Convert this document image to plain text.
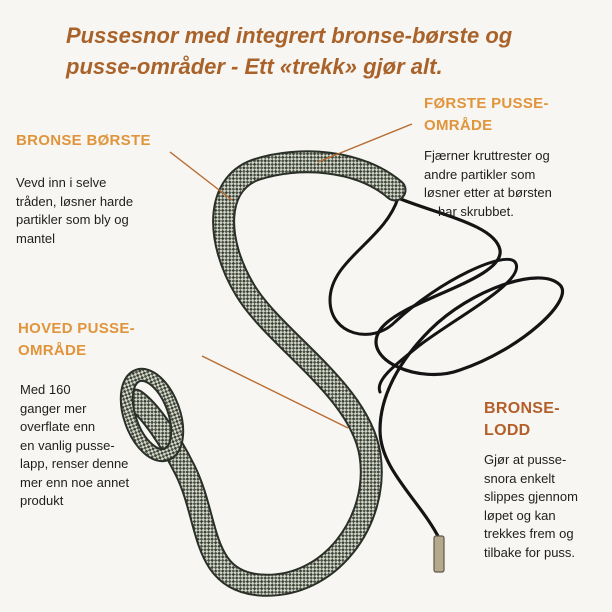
Pussesnor med integrert bronse-børste og
pusse-områder - Ett «trekk» gjør alt.
BRONSE BØRSTE
Vevd inn i selve
tråden, løsner harde
partikler som bly og
mantel
FØRSTE PUSSE-
OMRÅDE
Fjærner kruttrester og
andre partikler som
løsner etter at børsten
har skrubbet.
HOVED PUSSE-
OMRÅDE
Med 160
ganger mer
overflate enn
en vanlig pusse-
lapp, renser denne
mer enn noe annet
produkt
BRONSE-
LODD
Gjør at pusse-
snora enkelt
slippes gjennom
løpet og kan
trekkes frem og
tilbake for puss.
